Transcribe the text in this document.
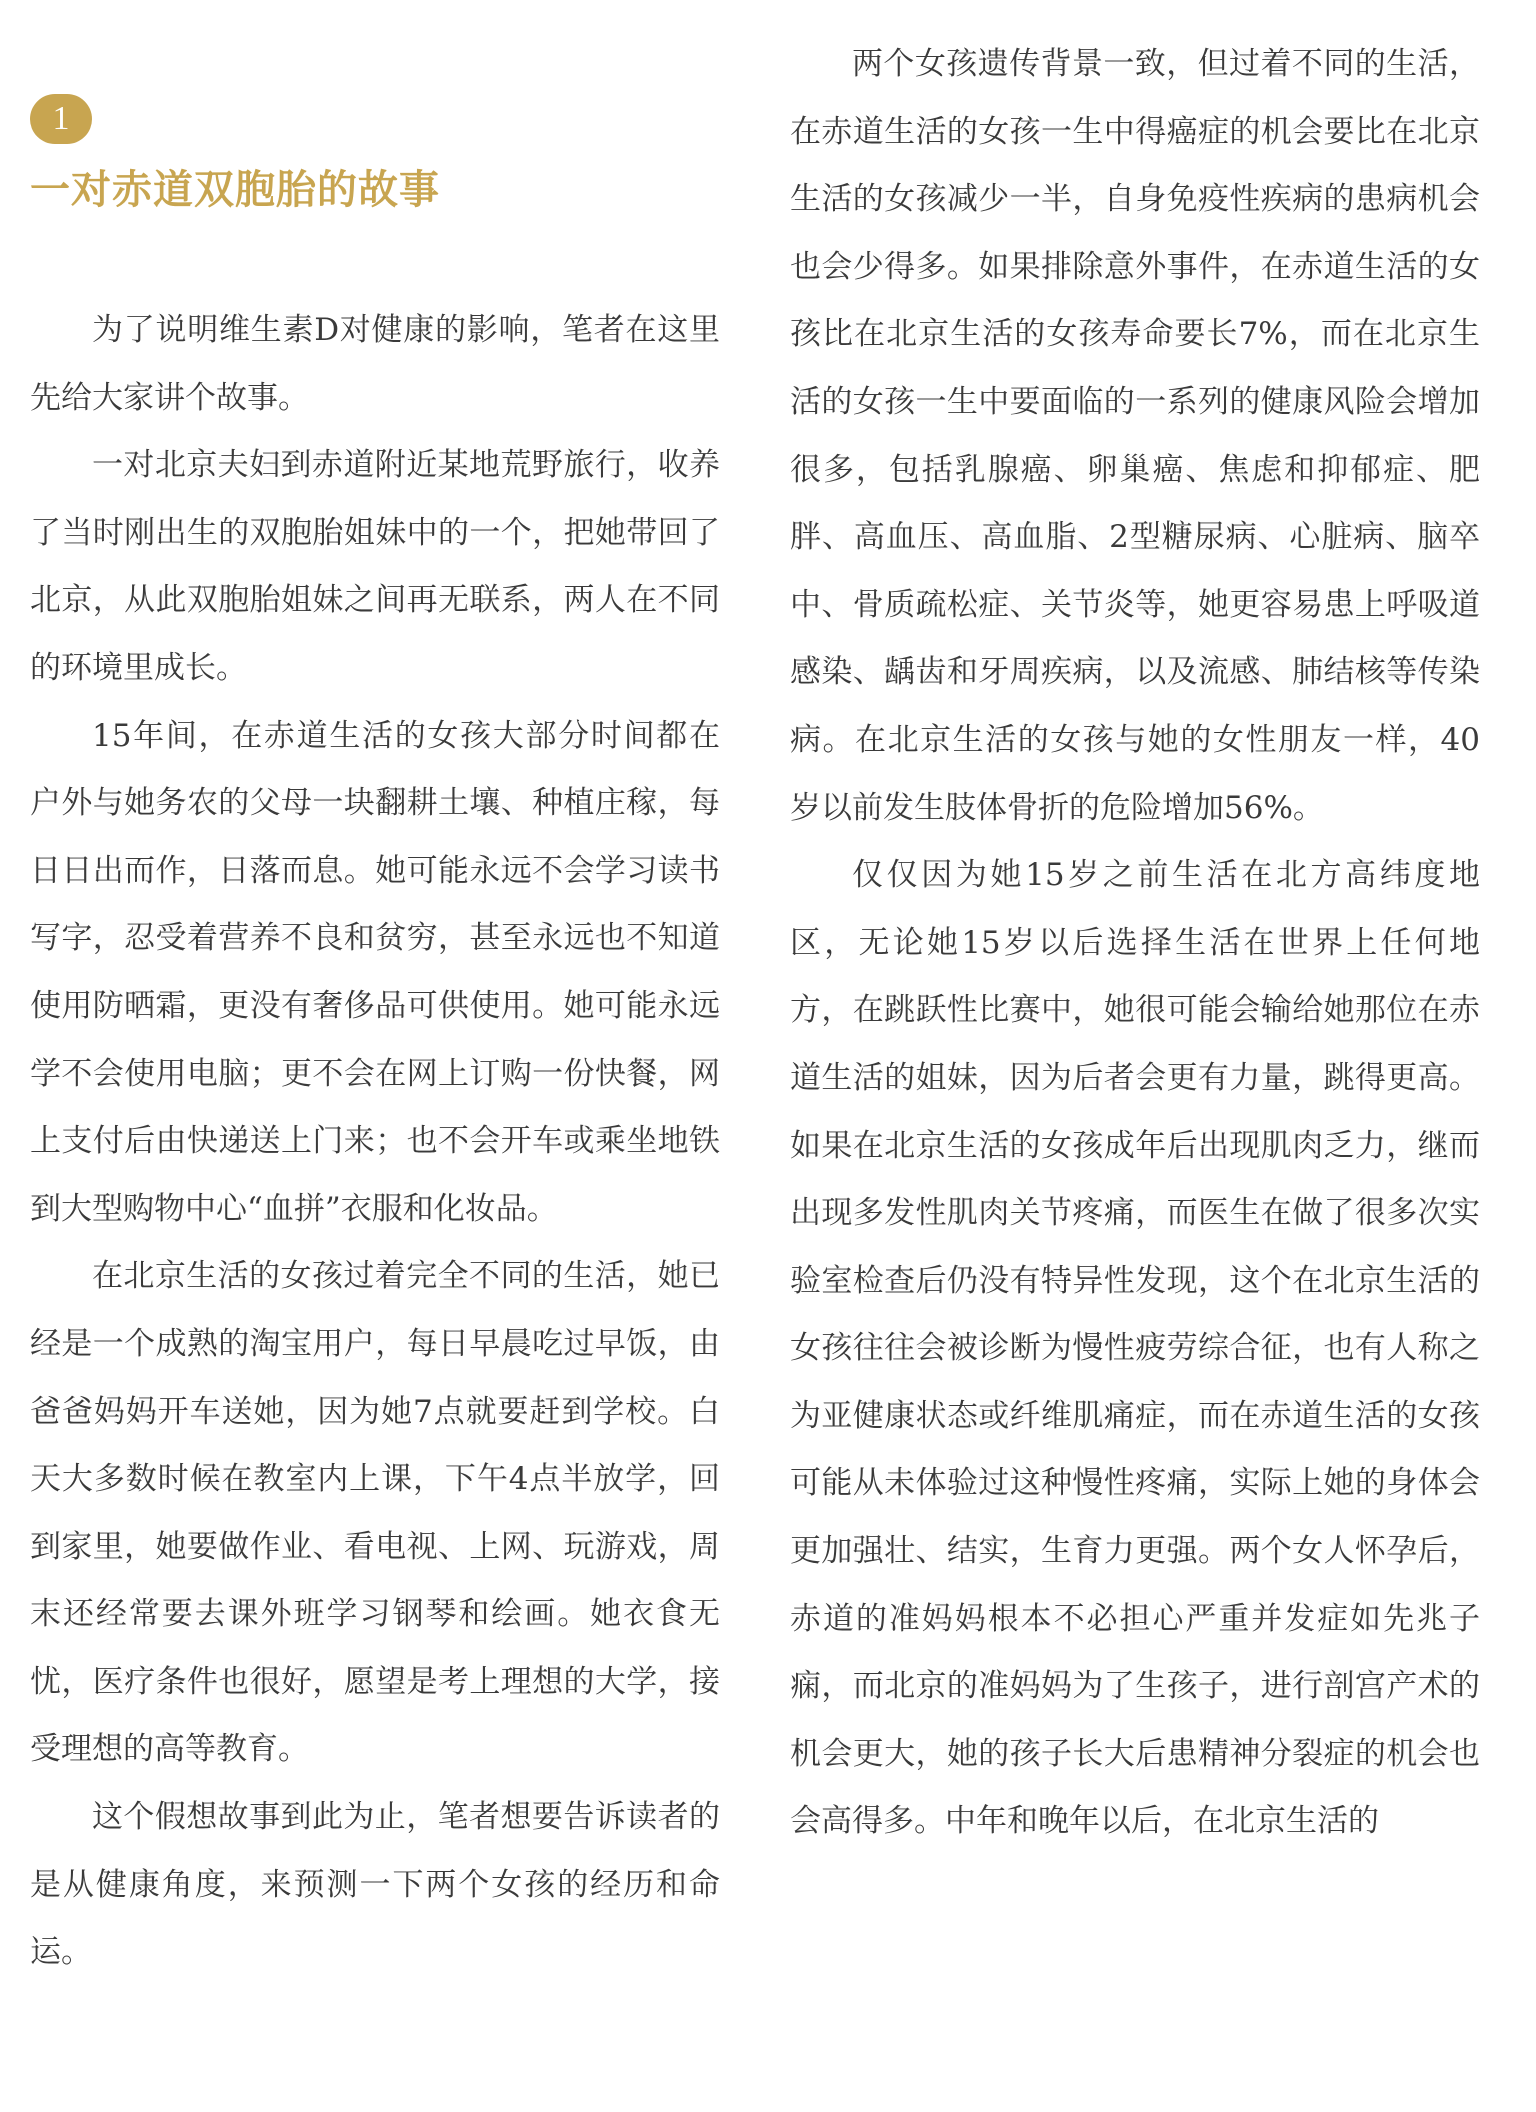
1
一对赤道双胞胎的故事

为了说明维生素D对健康的影响，笔者在这里先给大家讲个故事。

一对北京夫妇到赤道附近某地荒野旅行，收养了当时刚出生的双胞胎姐妹中的一个，把她带回了北京，从此双胞胎姐妹之间再无联系，两人在不同的环境里成长。

15年间，在赤道生活的女孩大部分时间都在户外与她务农的父母一块翻耕土壤、种植庄稼，每日日出而作，日落而息。她可能永远不会学习读书写字，忍受着营养不良和贫穷，甚至永远也不知道使用防晒霜，更没有奢侈品可供使用。她可能永远学不会使用电脑；更不会在网上订购一份快餐，网上支付后由快递送上门来；也不会开车或乘坐地铁到大型购物中心“血拼”衣服和化妆品。

在北京生活的女孩过着完全不同的生活，她已经是一个成熟的淘宝用户，每日早晨吃过早饭，由爸爸妈妈开车送她，因为她7点就要赶到学校。白天大多数时候在教室内上课，下午4点半放学，回到家里，她要做作业、看电视、上网、玩游戏，周末还经常要去课外班学习钢琴和绘画。她衣食无忧，医疗条件也很好，愿望是考上理想的大学，接受理想的高等教育。

这个假想故事到此为止，笔者想要告诉读者的是从健康角度，来预测一下两个女孩的经历和命运。

两个女孩遗传背景一致，但过着不同的生活，在赤道生活的女孩一生中得癌症的机会要比在北京生活的女孩减少一半，自身免疫性疾病的患病机会也会少得多。如果排除意外事件，在赤道生活的女孩比在北京生活的女孩寿命要长7%，而在北京生活的女孩一生中要面临的一系列的健康风险会增加很多，包括乳腺癌、卵巢癌、焦虑和抑郁症、肥胖、高血压、高血脂、2型糖尿病、心脏病、脑卒中、骨质疏松症、关节炎等，她更容易患上呼吸道感染、龋齿和牙周疾病，以及流感、肺结核等传染病。在北京生活的女孩与她的女性朋友一样，40岁以前发生肢体骨折的危险增加56%。

仅仅因为她15岁之前生活在北方高纬度地区，无论她15岁以后选择生活在世界上任何地方，在跳跃性比赛中，她很可能会输给她那位在赤道生活的姐妹，因为后者会更有力量，跳得更高。如果在北京生活的女孩成年后出现肌肉乏力，继而出现多发性肌肉关节疼痛，而医生在做了很多次实验室检查后仍没有特异性发现，这个在北京生活的女孩往往会被诊断为慢性疲劳综合征，也有人称之为亚健康状态或纤维肌痛症，而在赤道生活的女孩可能从未体验过这种慢性疼痛，实际上她的身体会更加强壮、结实，生育力更强。两个女人怀孕后，赤道的准妈妈根本不必担心严重并发症如先兆子痫，而北京的准妈妈为了生孩子，进行剖宫产术的机会更大，她的孩子长大后患精神分裂症的机会也会高得多。中年和晚年以后，在北京生活的
